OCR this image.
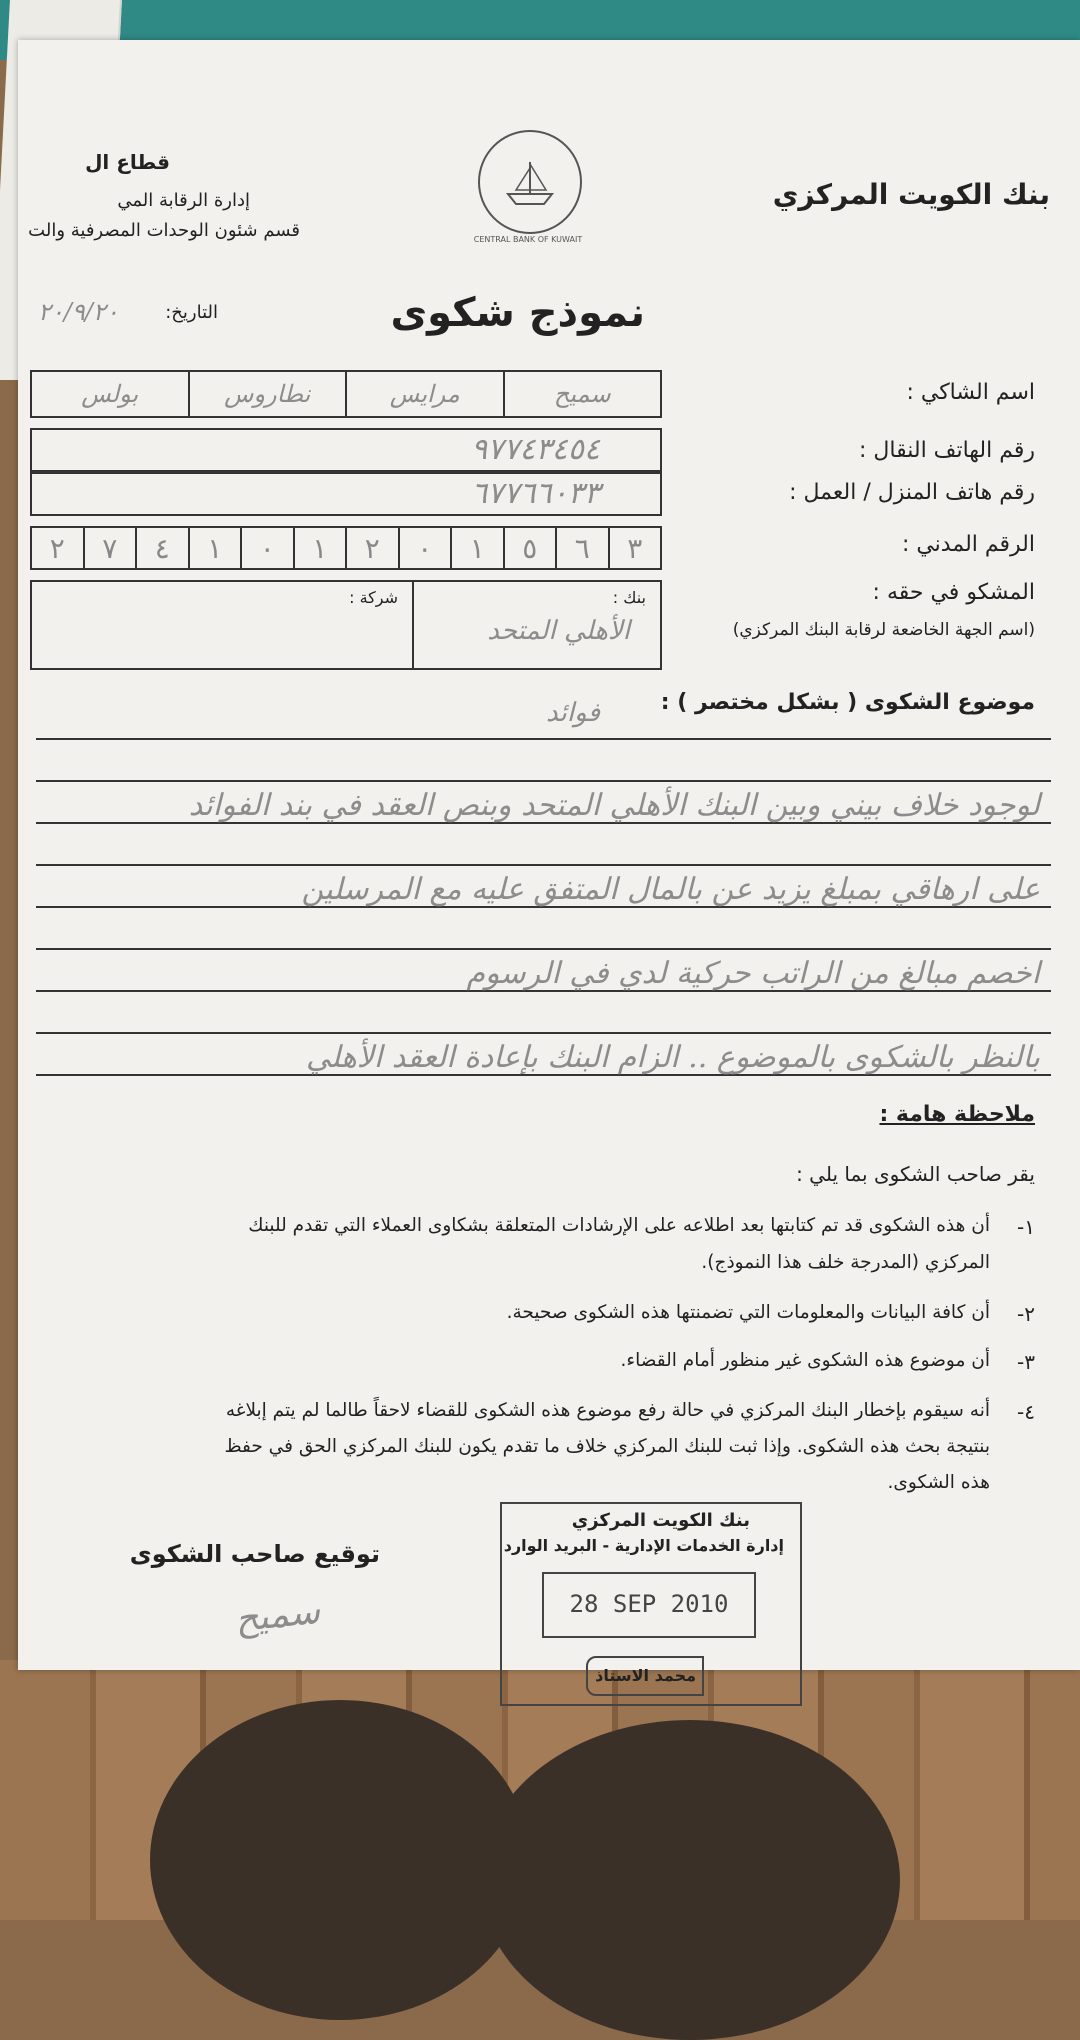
بنك الكويت المركزي
CENTRAL BANK OF KUWAIT
قطاع ال
إدارة الرقابة المي
قسم شئون الوحدات المصرفية والت
نموذج شكوى
التاريخ:
٢٠/٩/٢٠
اسم الشاكي :
سميح
مرايس
نطاروس
بولس
رقم الهاتف النقال :
٩٧٧٤٣٤٥٤
رقم هاتف المنزل / العمل :
٦٧٧٦٦٠٣٣
الرقم المدني :
٣
٦
٥
١
٠
٢
١
٠
١
٤
٧
٢
المشكو في حقه :
(اسم الجهة الخاضعة لرقابة البنك المركزي)
بنك :
الأهلي المتحد
شركة :
موضوع الشكوى ( بشكل مختصر ) :
فوائد
لوجود خلاف بيني وبين البنك الأهلي المتحد وبنص العقد في بند الفوائد
على ارهاقي بمبلغ يزيد عن بالمال المتفق عليه مع المرسلين
اخصم مبالغ من الراتب حركية لدي في الرسوم
بالنظر بالشكوى بالموضوع .. الزام البنك بإعادة العقد الأهلي
ملاحظة هامة :
يقر صاحب الشكوى بما يلي :
١-
أن هذه الشكوى قد تم كتابتها بعد اطلاعه على الإرشادات المتعلقة بشكاوى العملاء التي تقدم للبنك
المركزي (المدرجة خلف هذا النموذج).
٢-
أن كافة البيانات والمعلومات التي تضمنتها هذه الشكوى صحيحة.
٣-
أن موضوع هذه الشكوى غير منظور أمام القضاء.
٤-
أنه سيقوم بإخطار البنك المركزي في حالة رفع موضوع هذه الشكوى للقضاء لاحقاً طالما لم يتم إبلاغه
بنتيجة بحث هذه الشكوى. وإذا ثبت للبنك المركزي خلاف ما تقدم يكون للبنك المركزي الحق في حفظ
هذه الشكوى.
توقيع صاحب الشكوى
سميح
بنك الكويت المركزي
إدارة الخدمات الإدارية - البريد الوارد
28 SEP 2010
محمد الاستاذ
